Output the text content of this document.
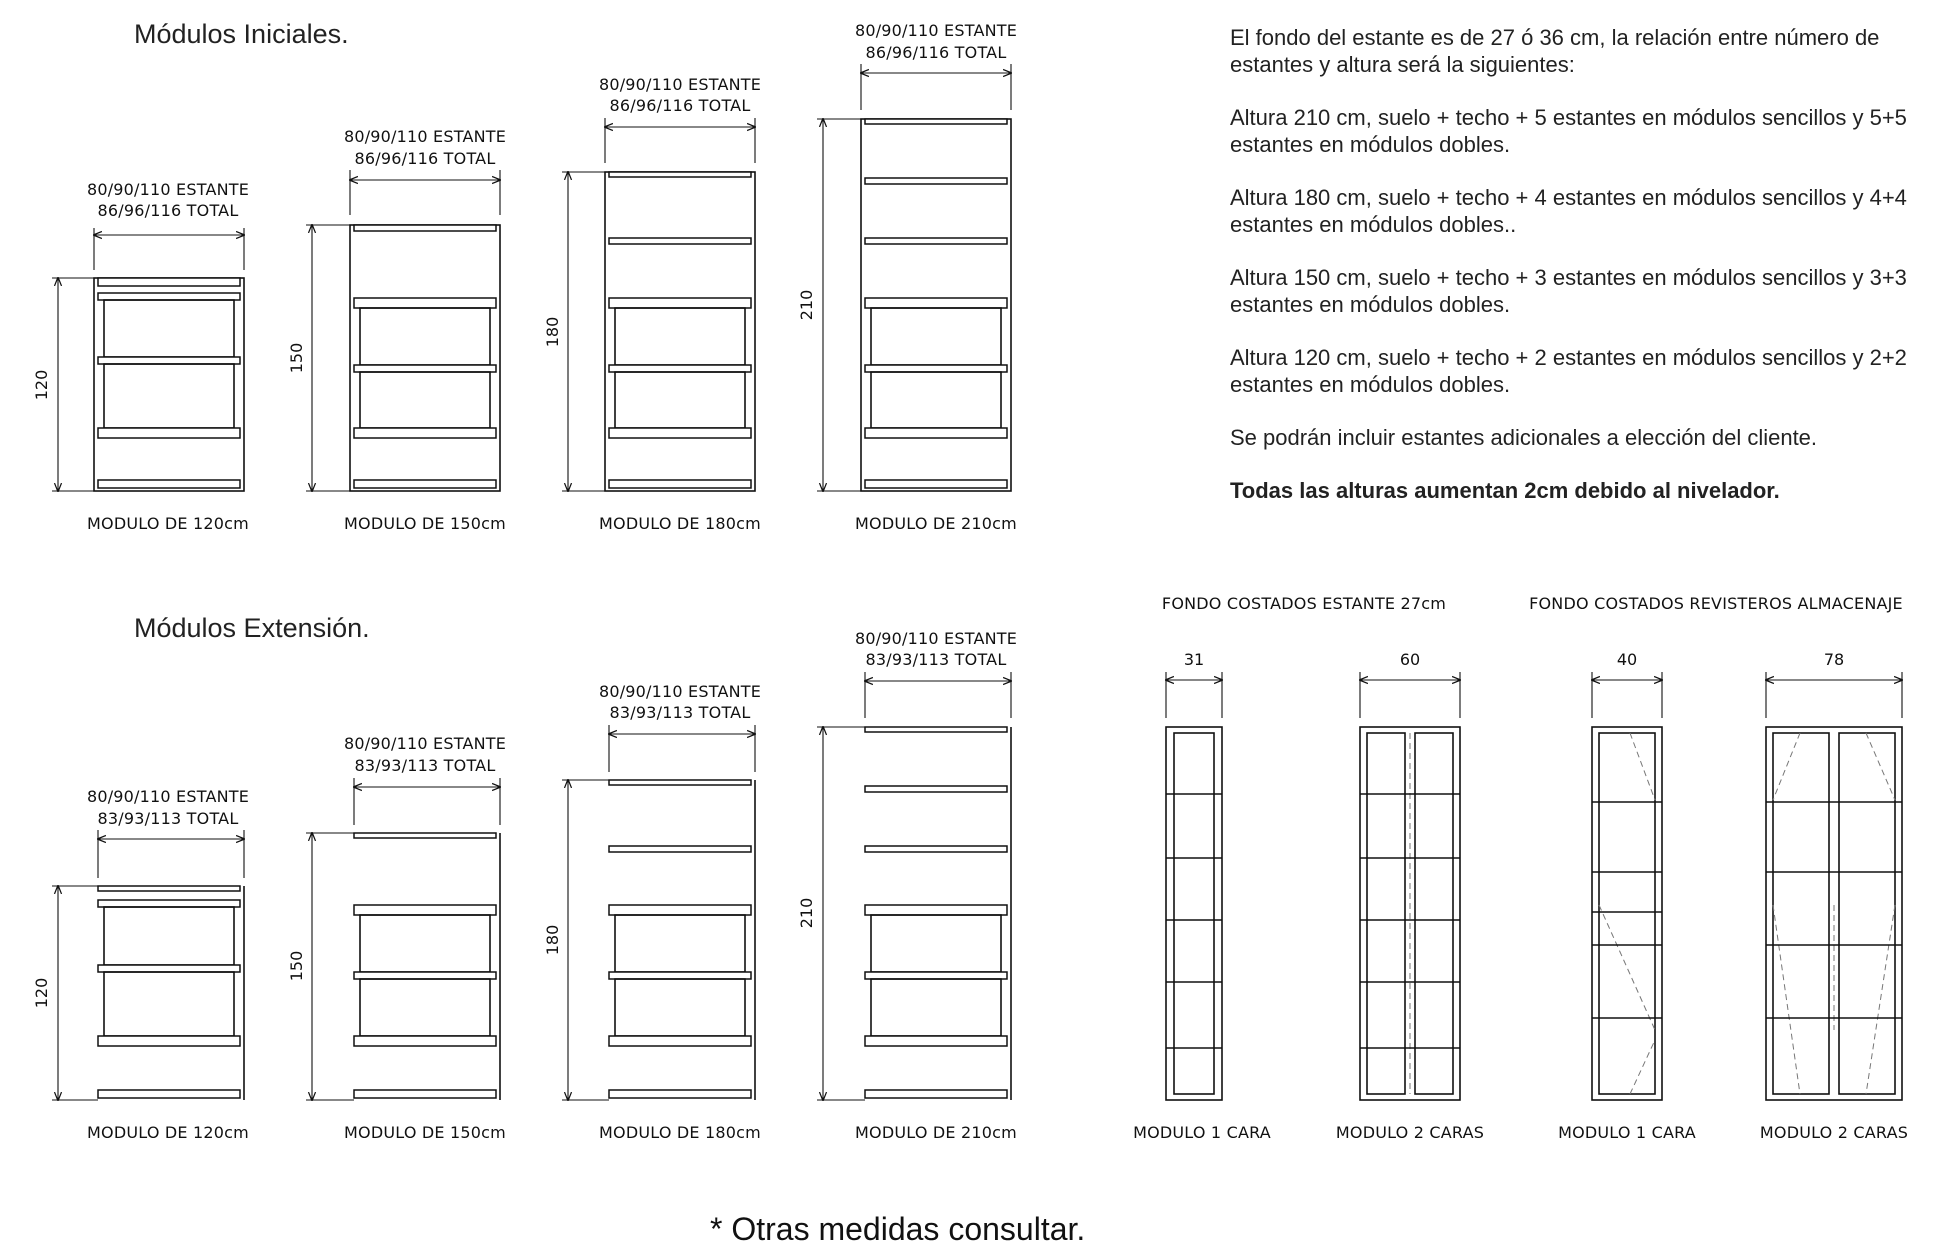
Módulos Iniciales.
Módulos Extensión.
80/90/110 ESTANTE
86/96/116 TOTAL
120
MODULO DE 120cm
80/90/110 ESTANTE
86/96/116 TOTAL
150
MODULO DE 150cm
80/90/110 ESTANTE
86/96/116 TOTAL
180
MODULO DE 180cm
80/90/110 ESTANTE
86/96/116 TOTAL
210
MODULO DE 210cm
80/90/110 ESTANTE
83/93/113 TOTAL
120
MODULO DE 120cm
80/90/110 ESTANTE
83/93/113 TOTAL
150
MODULO DE 150cm
80/90/110 ESTANTE
83/93/113 TOTAL
180
MODULO DE 180cm
80/90/110 ESTANTE
83/93/113 TOTAL
210
MODULO DE 210cm
FONDO COSTADOS ESTANTE 27cm	FONDO COSTADOS REVISTEROS ALMACENAJE
31
MODULO 1 CARA
60
MODULO 2 CARAS
40
MODULO 1 CARA
78
MODULO 2 CARAS
* Otras medidas consultar.

El fondo del estante es de 27 ó 36 cm, la relación entre número de estantes y altura será la siguientes:

Altura 210 cm, suelo + techo + 5 estantes en módulos sencillos y 5+5 estantes en módulos dobles.

Altura 180 cm, suelo + techo + 4 estantes en módulos sencillos y 4+4 estantes en módulos dobles..

Altura 150 cm, suelo + techo + 3 estantes en módulos sencillos y 3+3 estantes en módulos dobles.

Altura 120 cm, suelo + techo + 2 estantes en módulos sencillos y 2+2 estantes en módulos dobles.

Se podrán incluir estantes adicionales a elección del cliente.

Todas las alturas aumentan 2cm debido al nivelador.
